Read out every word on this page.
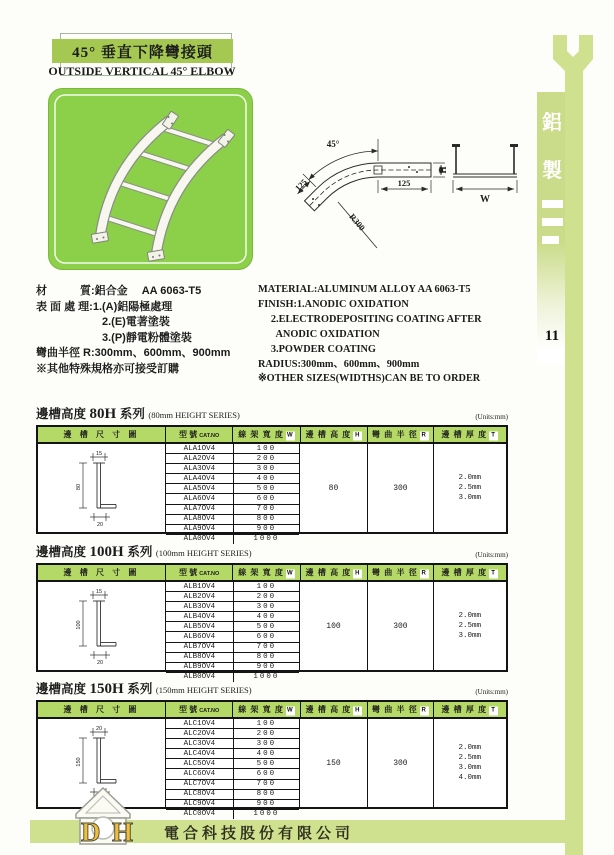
45° 垂直下降彎接頭
OUTSIDE VERTICAL 45° ELBOW
45°
125
125
R300
H
W
材　　　質:鋁合金　 AA 6063-T5
表 面 處 理:1.(A)鋁陽極處理
　　　　　　2.(E)電著塗裝
　　　　　　3.(P)靜電粉體塗裝
彎曲半徑 R:300mm、600mm、900mm
※其他特殊規格亦可接受訂購
MATERIAL:ALUMINUM ALLOY AA 6063-T5
FINISH:1.ANODIC OXIDATION
2.ELECTRODEPOSITING COATING AFTER
ANODIC OXIDATION
3.POWDER COATING
RADIUS:300mm、600mm、900mm
※OTHER SIZES(WIDTHS)CAN BE TO ORDER
邊槽高度 80H 系列 (80mm HEIGHT SERIES)	(Units:mm)
邊 槽 尺 寸 圖	型 號 CAT.NO	線 架 寬 度 W	邊 槽 高 度 H	彎 曲 半 徑 R	邊 槽 厚 度 T
15
80
20
ALA1OV4	100
ALA2OV4	200
ALA3OV4	300
ALA4OV4	400
ALA5OV4	500
ALA6OV4	600
ALA7OV4	700
ALA8OV4	800
ALA9OV4	900
ALA0OV4	1000
80	300
2.0mm
2.5mm
3.0mm
邊槽高度 100H 系列 (100mm HEIGHT SERIES)	(Units:mm)
邊 槽 尺 寸 圖	型 號 CAT.NO	線 架 寬 度 W	邊 槽 高 度 H	彎 曲 半 徑 R	邊 槽 厚 度 T
15
100
20
ALB1OV4	100
ALB2OV4	200
ALB3OV4	300
ALB4OV4	400
ALB5OV4	500
ALB6OV4	600
ALB7OV4	700
ALB8OV4	800
ALB9OV4	900
ALB0OV4	1000
100	300
2.0mm
2.5mm
3.0mm
邊槽高度 150H 系列 (150mm HEIGHT SERIES)	(Units:mm)
邊 槽 尺 寸 圖	型 號 CAT.NO	線 架 寬 度 W	邊 槽 高 度 H	彎 曲 半 徑 R	邊 槽 厚 度 T
20
150
ALC1OV4	100
ALC2OV4	200
ALC3OV4	300
ALC4OV4	400
ALC5OV4	500
ALC6OV4	600
ALC7OV4	700
ALC8OV4	800
ALC9OV4	900
ALC0OV4	1000
150	300
2.0mm
2.5mm
3.0mm
4.0mm
鋁
製
11
D H 電合科技股份有限公司
